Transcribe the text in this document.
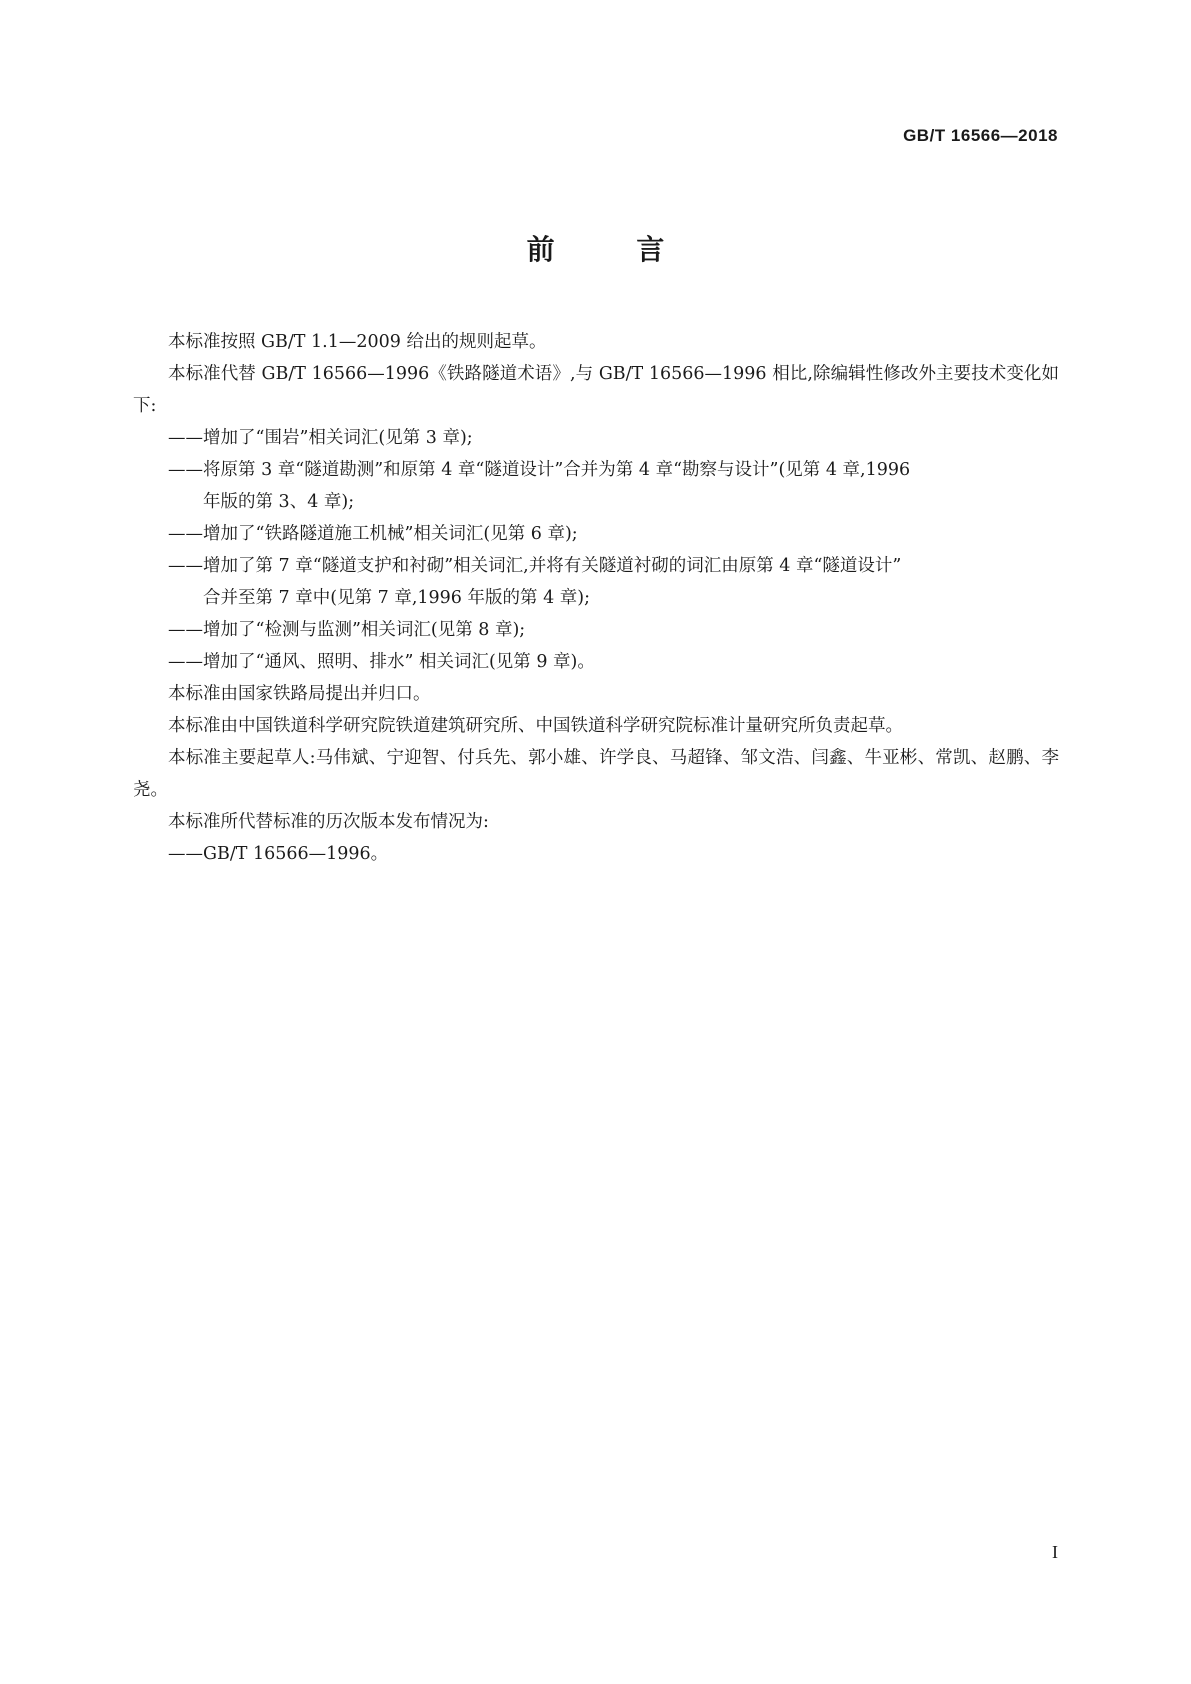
GB/T 16566—2018
前 言

本标准按照 GB/T 1.1—2009 给出的规则起草。

本标准代替 GB/T 16566—1996《铁路隧道术语》,与 GB/T 16566—1996 相比,除编辑性修改外主要技术变化如下:

——增加了“围岩”相关词汇(见第 3 章);
——将原第 3 章“隧道勘测”和原第 4 章“隧道设计”合并为第 4 章“勘察与设计”(见第 4 章,1996
年版的第 3、4 章);
——增加了“铁路隧道施工机械”相关词汇(见第 6 章);
——增加了第 7 章“隧道支护和衬砌”相关词汇,并将有关隧道衬砌的词汇由原第 4 章“隧道设计”
合并至第 7 章中(见第 7 章,1996 年版的第 4 章);
——增加了“检测与监测”相关词汇(见第 8 章);
——增加了“通风、照明、排水” 相关词汇(见第 9 章)。

本标准由国家铁路局提出并归口。

本标准由中国铁道科学研究院铁道建筑研究所、中国铁道科学研究院标准计量研究所负责起草。

本标准主要起草人:马伟斌、宁迎智、付兵先、郭小雄、许学良、马超锋、邹文浩、闫鑫、牛亚彬、常凯、赵鹏、李尧。

本标准所代替标准的历次版本发布情况为:

——GB/T 16566—1996。
I
